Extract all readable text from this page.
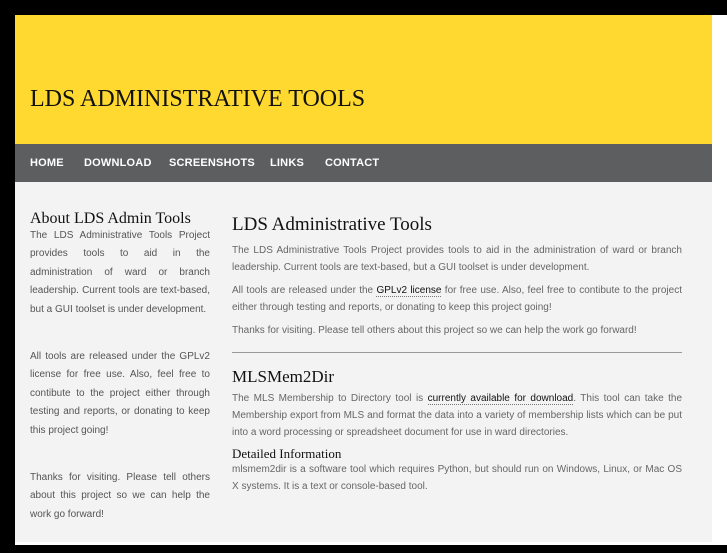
LDS ADMINISTRATIVE TOOLS
HOME DOWNLOAD SCREENSHOTS LINKS CONTACT
About LDS Admin Tools

The LDS Administrative Tools Project provides tools to aid in the administration of ward or branch leadership. Current tools are text-based, but a GUI toolset is under development.

All tools are released under the GPLv2 license for free use. Also, feel free to contibute to the project either through testing and reports, or donating to keep this project going!

Thanks for visiting. Please tell others about this project so we can help the work go forward!

LDS Administrative Tools

The LDS Administrative Tools Project provides tools to aid in the administration of ward or branch leadership. Current tools are text-based, but a GUI toolset is under development.

All tools are released under the GPLv2 license for free use. Also, feel free to contibute to the project either through testing and reports, or donating to keep this project going!

Thanks for visiting. Please tell others about this project so we can help the work go forward!

MLSMem2Dir

The MLS Membership to Directory tool is currently available for download. This tool can take the Membership export from MLS and format the data into a variety of membership lists which can be put into a word processing or spreadsheet document for use in ward directories.

Detailed Information

mlsmem2dir is a software tool which requires Python, but should run on Windows, Linux, or Mac OS X systems. It is a text or console-based tool.
